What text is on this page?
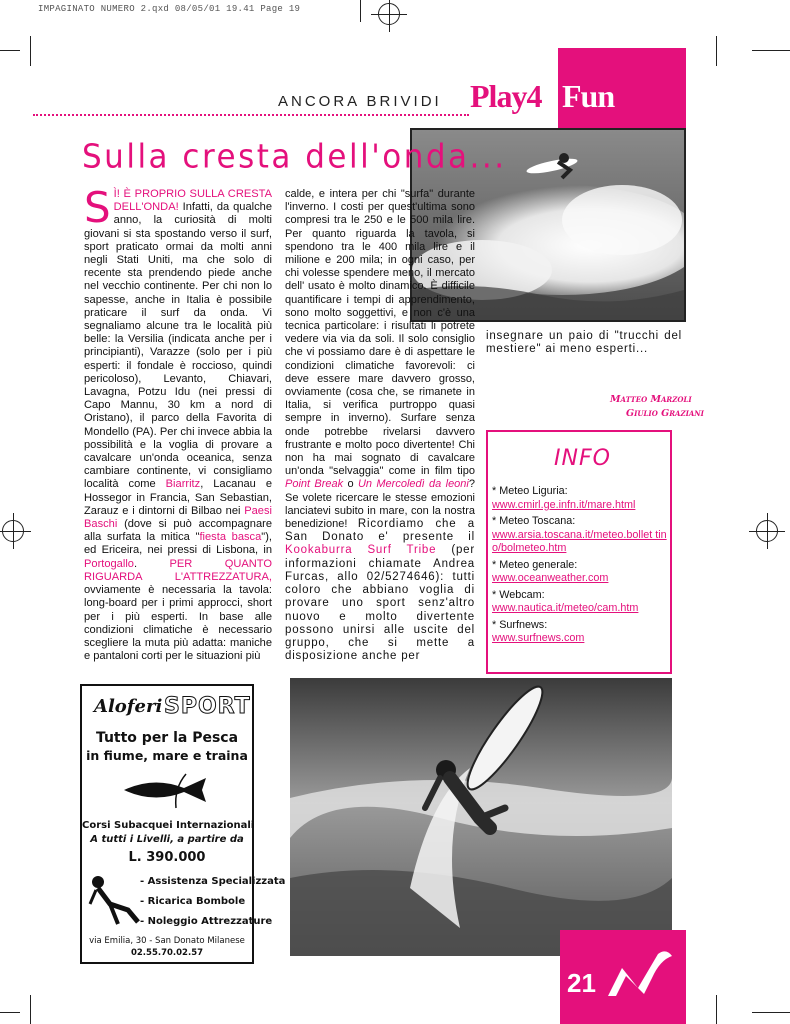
IMPAGINATO NUMERO 2.qxd 08/05/01 19.41 Page 19
ANCORA BRIVIDI Play4 Fun
Sulla cresta dell'onda...
S Ì! È PROPRIO SULLA CRESTA DELL'ONDA! Infatti, da qualche anno, la curiosità di molti giovani si sta spostando verso il surf, sport praticato ormai da molti anni negli Stati Uniti, ma che solo di recente sta prendendo piede anche nel vecchio continente. Per chi non lo sapesse, anche in Italia è possibile praticare il surf da onda. Vi segnaliamo alcune tra le località più belle: la Versilia (indicata anche per i principianti), Varazze (solo per i più esperti: il fondale è roccioso, quindi pericoloso), Levanto, Chiavari, Lavagna, Potzu Idu (nei pressi di Capo Mannu, 30 km a nord di Oristano), il parco della Favorita di Mondello (PA). Per chi invece abbia la possibilità e la voglia di provare a cavalcare un'onda oceanica, senza cambiare continente, vi consigliamo località come Biarritz, Lacanau e Hossegor in Francia, San Sebastian, Zarauz e i dintorni di Bilbao nei Paesi Baschi (dove si può accompagnare alla surfata la mitica "fiesta basca"), ed Ericeira, nei pressi di Lisbona, in Portogallo.	PER QUANTO RIGUARDA L'ATTREZZATURA, ovviamente è necessaria la tavola: long-board per i primi approcci, short per i più esperti. In base alle condizioni climatiche è necessario scegliere la muta più adatta: maniche e pantaloni corti per le situazioni più
calde, e intera per chi "surfa" durante l'inverno. I costi per quest'ultima sono compresi tra le 250 e le 500 mila lire. Per quanto riguarda la tavola, si spendono tra le 400 mila lire e il milione e 200 mila; in ogni caso, per chi volesse spendere meno, il mercato dell' usato è molto dinamico. È difficile quantificare i tempi di apprendimento, sono molto soggettivi, e non c'è una tecnica particolare: i risultati li potrete vedere via via da soli. Il solo consiglio che vi possiamo dare è di aspettare le condizioni climatiche favorevoli: ci deve essere mare davvero grosso, ovviamente (cosa che, se rimanete in Italia, si verifica purtroppo quasi sempre in inverno). Surfare senza onde potrebbe rivelarsi davvero frustrante e molto poco divertente! Chi non ha mai sognato di cavalcare un'onda "selvaggia" come in film tipo Point Break o Un Mercoledì da leoni? Se volete ricercare le stesse emozioni lanciatevi subito in mare, con la nostra benedizione! Ricordiamo che a San Donato e' presente il Kookaburra Surf Tribe (per informazioni chiamate Andrea Furcas, allo 02/5274646): tutti coloro che abbiano voglia di provare uno sport senz'altro nuovo e molto divertente possono unirsi alle uscite del gruppo, che si mette a disposizione anche per
Matteo Marzoli
Giulio Graziani
INFO
* Meteo Liguria:
www.cmirl.ge.infn.it/mare.html
* Meteo Toscana:
www.arsia.toscana.it/meteo.bollet tino/bolmeteo.htm
* Meteo generale:
www.oceanweather.com
* Webcam:
www.nautica.it/meteo/cam.htm
* Surfnews:
www.surfnews.com
Aloferi SPORT
Tutto per la Pesca
in fiume, mare e traina
Corsi Subacquei Internazionali
A tutti i Livelli, a partire da
L. 390.000
- Assistenza Specializzata
- Ricarica Bombole
- Noleggio Attrezzature
via Emilia, 30 - San Donato Milanese
02.55.70.02.57
21
insegnare un paio di "trucchi del mestiere" ai meno esperti...
